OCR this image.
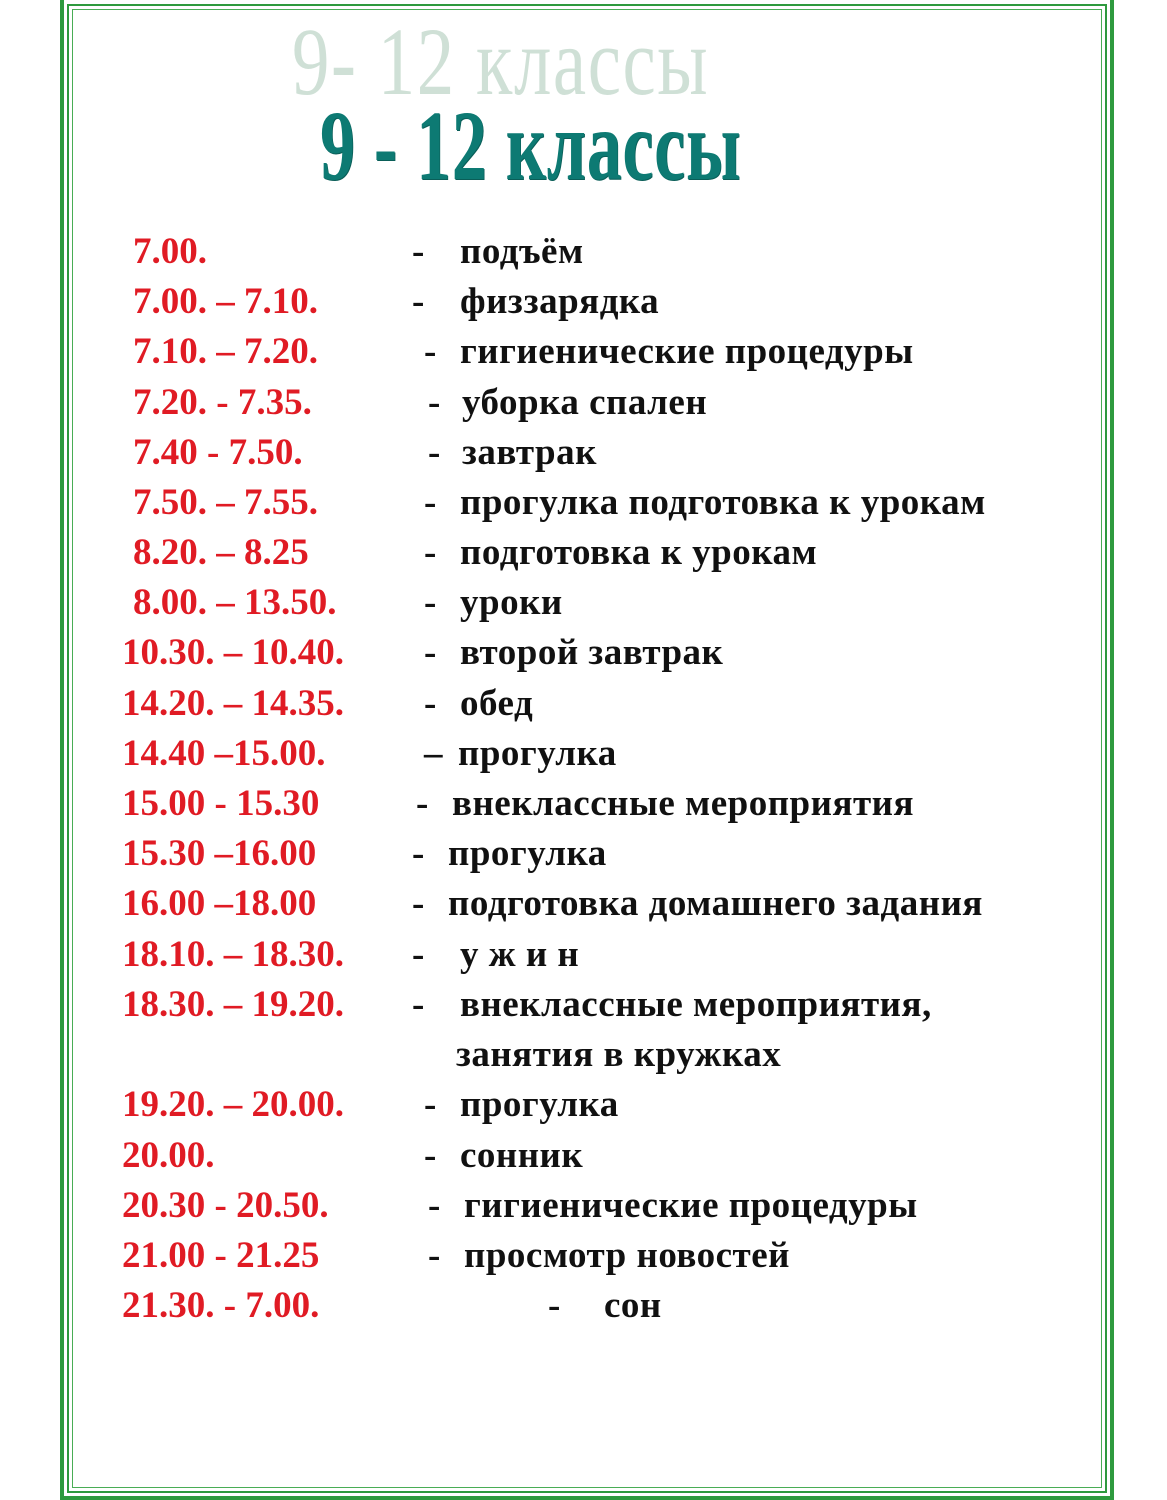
9- 12 классы
9 - 12 классы
7.00.	- подъём
7.00. – 7.10.	- физзарядка
7.10. – 7.20.	- гигиенические процедуры
7.20. - 7.35.	- уборка спален
7.40 - 7.50.	- завтрак
7.50. – 7.55.	- прогулка подготовка к урокам
8.20. – 8.25	- подготовка к урокам
8.00. – 13.50. - уроки
10.30. – 10.40. - второй завтрак
14.20. – 14.35. - обед
14.40 –15.00.	– прогулка
15.00 - 15.30	- внеклассные мероприятия
15.30 –16.00	- прогулка
16.00 –18.00	- подготовка домашнего задания
18.10. – 18.30. - у ж и н
18.30. – 19.20. - внеклассные мероприятия,
занятия в кружках
19.20. – 20.00. - прогулка
20.00.	- сонник
20.30 - 20.50.	- гигиенические процедуры
21.00 - 21.25	- просмотр новостей
21.30. - 7.00.	- сон
